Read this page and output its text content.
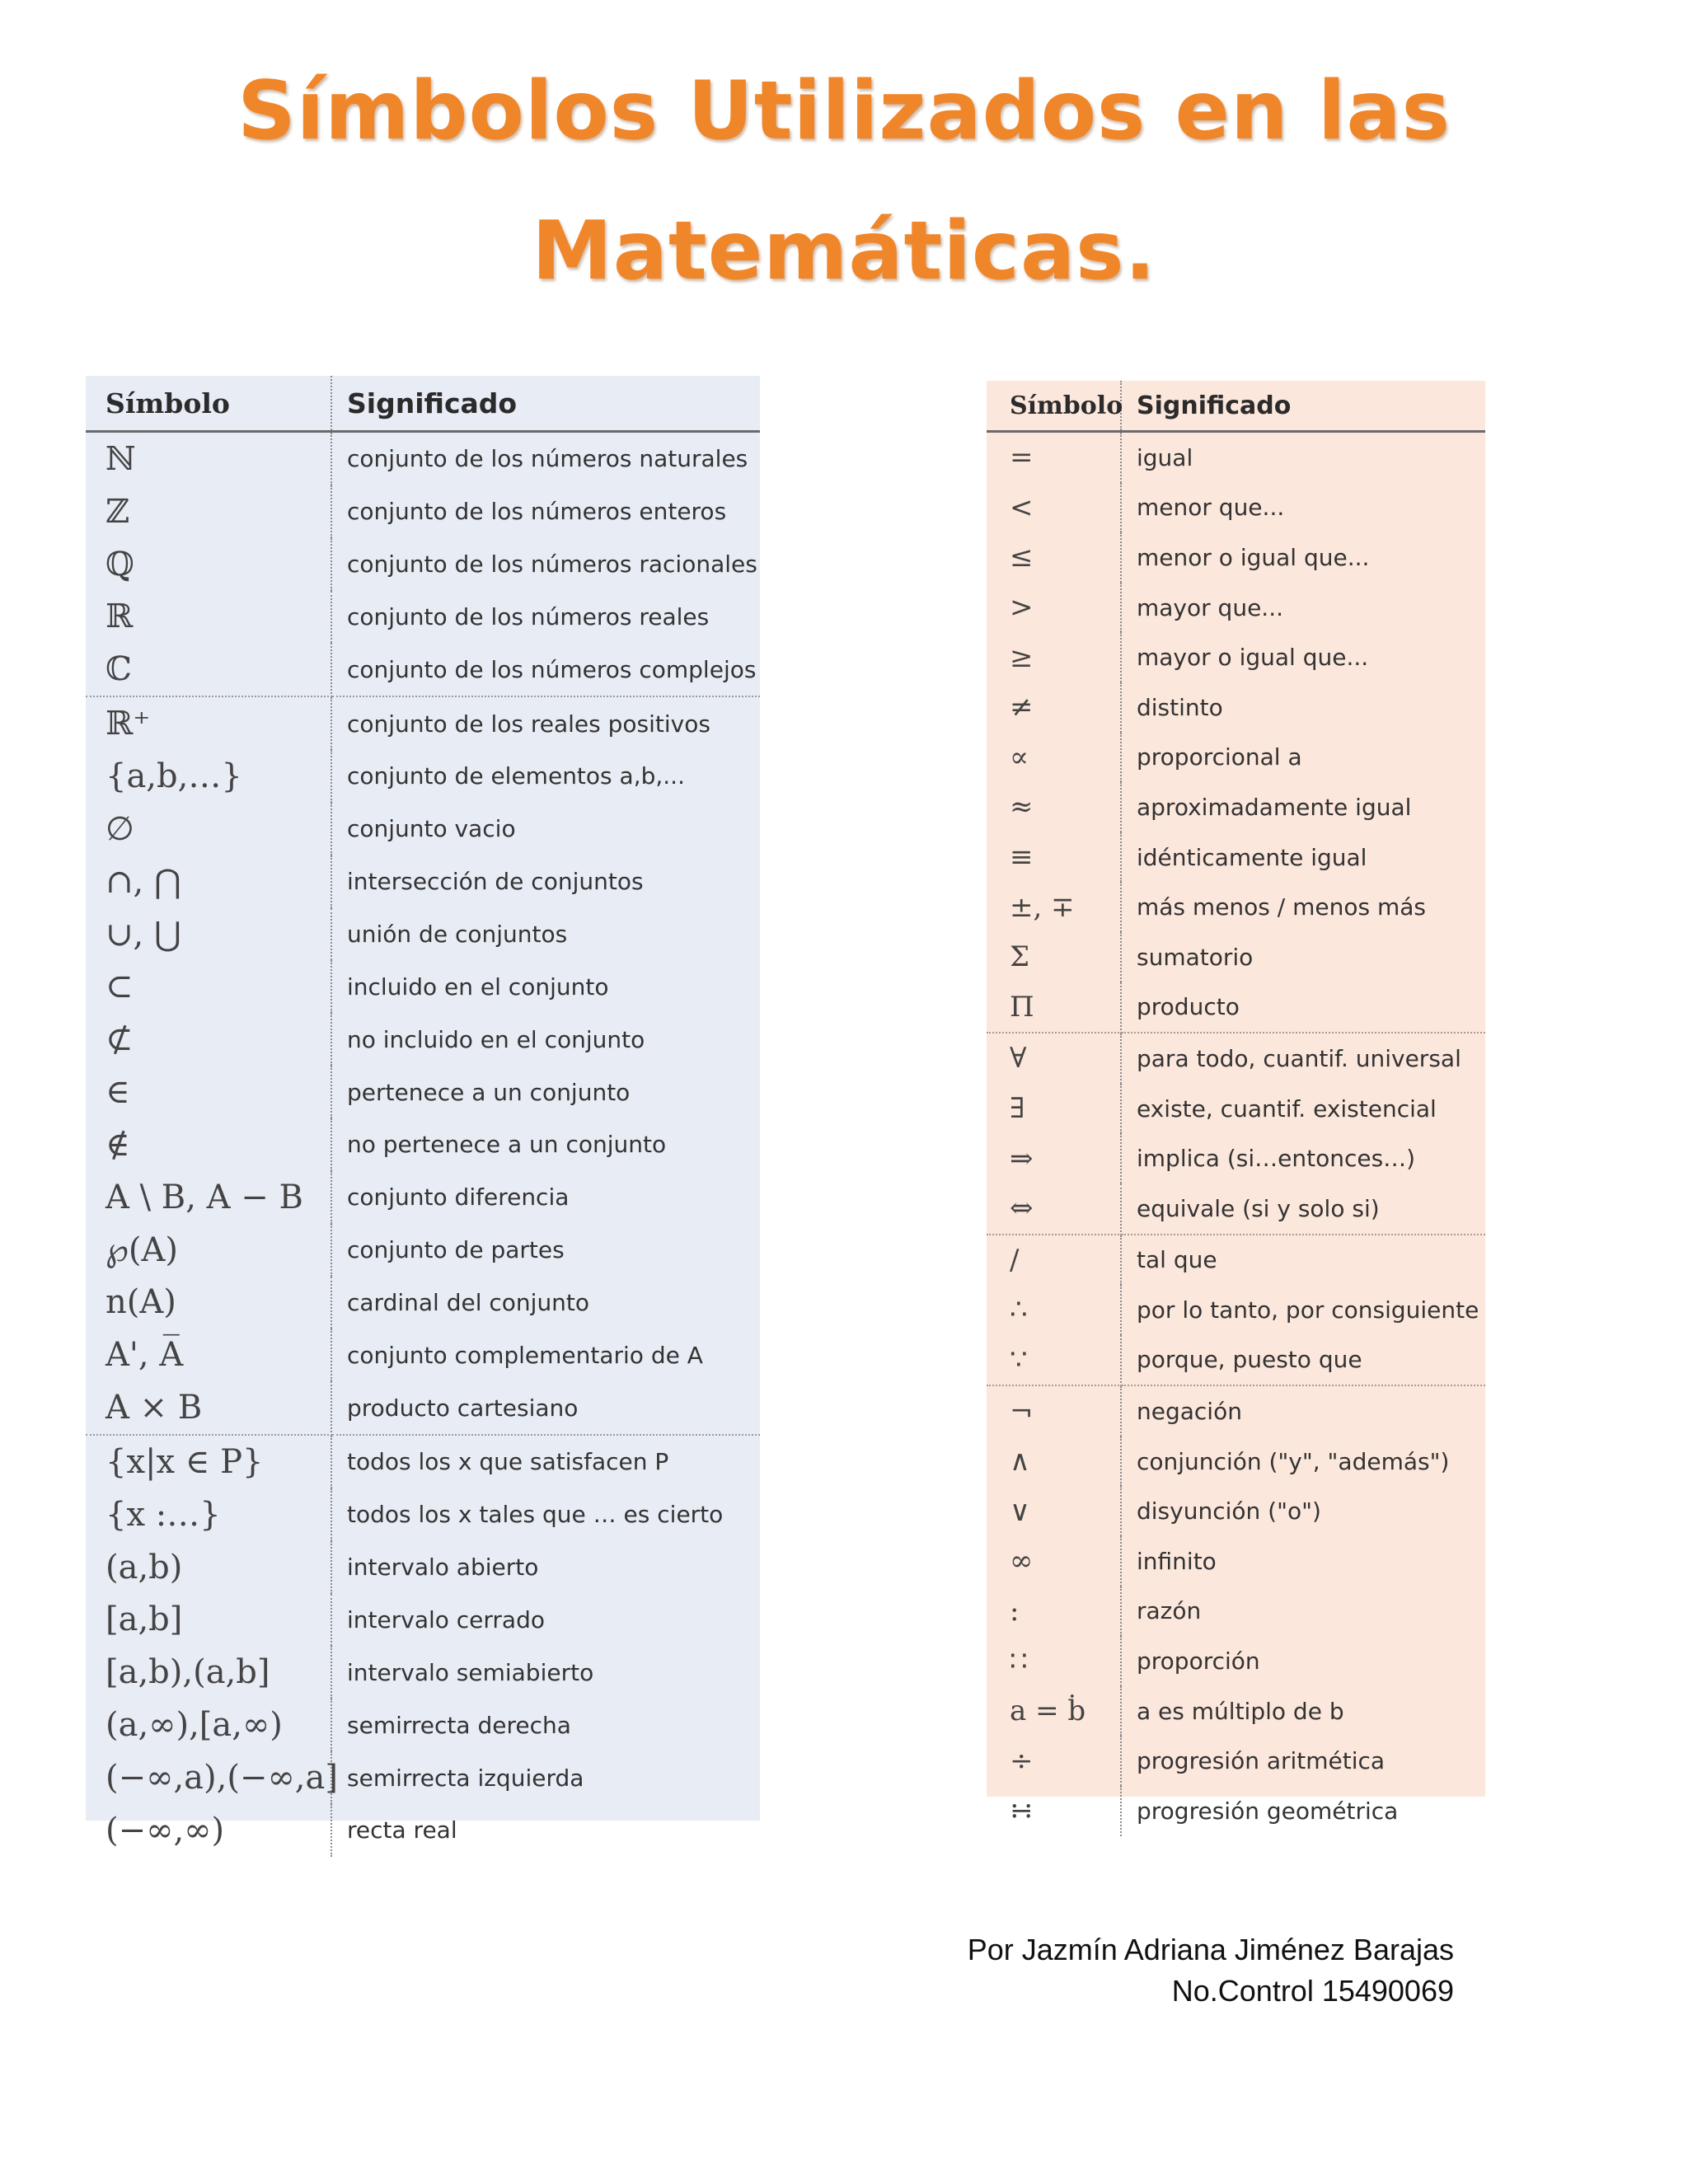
Símbolos Utilizados en las
Matemáticas.
Símbolo	Significado
ℕ	conjunto de los números naturales
ℤ	conjunto de los números enteros
ℚ	conjunto de los números racionales
ℝ	conjunto de los números reales
ℂ	conjunto de los números complejos
ℝ⁺	conjunto de los reales positivos
{a,b,…}	conjunto de elementos a,b,...
∅	conjunto vacio
∩, ⋂	intersección de conjuntos
∪, ⋃	unión de conjuntos
⊂	incluido en el conjunto
⊄	no incluido en el conjunto
∈	pertenece a un conjunto
∉	no pertenece a un conjunto
A \ B, A − B	conjunto diferencia
℘(A)	conjunto de partes
n(A)	cardinal del conjunto
A', A̅	conjunto complementario de A
A × B	producto cartesiano
{x|x ∈ P}	todos los x que satisfacen P
{x :…}	todos los x tales que … es cierto
(a,b)	intervalo abierto
[a,b]	intervalo cerrado
[a,b),(a,b]	intervalo semiabierto
(a,∞),[a,∞)	semirrecta derecha
(−∞,a),(−∞,a]	semirrecta izquierda
(−∞,∞)	recta real
Símbolo	Significado
=	igual
<	menor que...
≤	menor o igual que...
>	mayor que...
≥	mayor o igual que...
≠	distinto
∝	proporcional a
≈	aproximadamente igual
≡	idénticamente igual
±, ∓	más menos / menos más
Σ	sumatorio
Π	producto
∀	para todo, cuantif. universal
∃	existe, cuantif. existencial
⇒	implica (si…entonces…)
⇔	equivale (si y solo si)
/	tal que
∴	por lo tanto, por consiguiente
∵	porque, puesto que
¬	negación
∧	conjunción ("y", "además")
∨	disyunción ("o")
∞	infinito
:	razón
∷	proporción
a = ḃ	a es múltiplo de b
÷	progresión aritmética
∺	progresión geométrica
Por Jazmín Adriana Jiménez Barajas
No.Control 15490069
